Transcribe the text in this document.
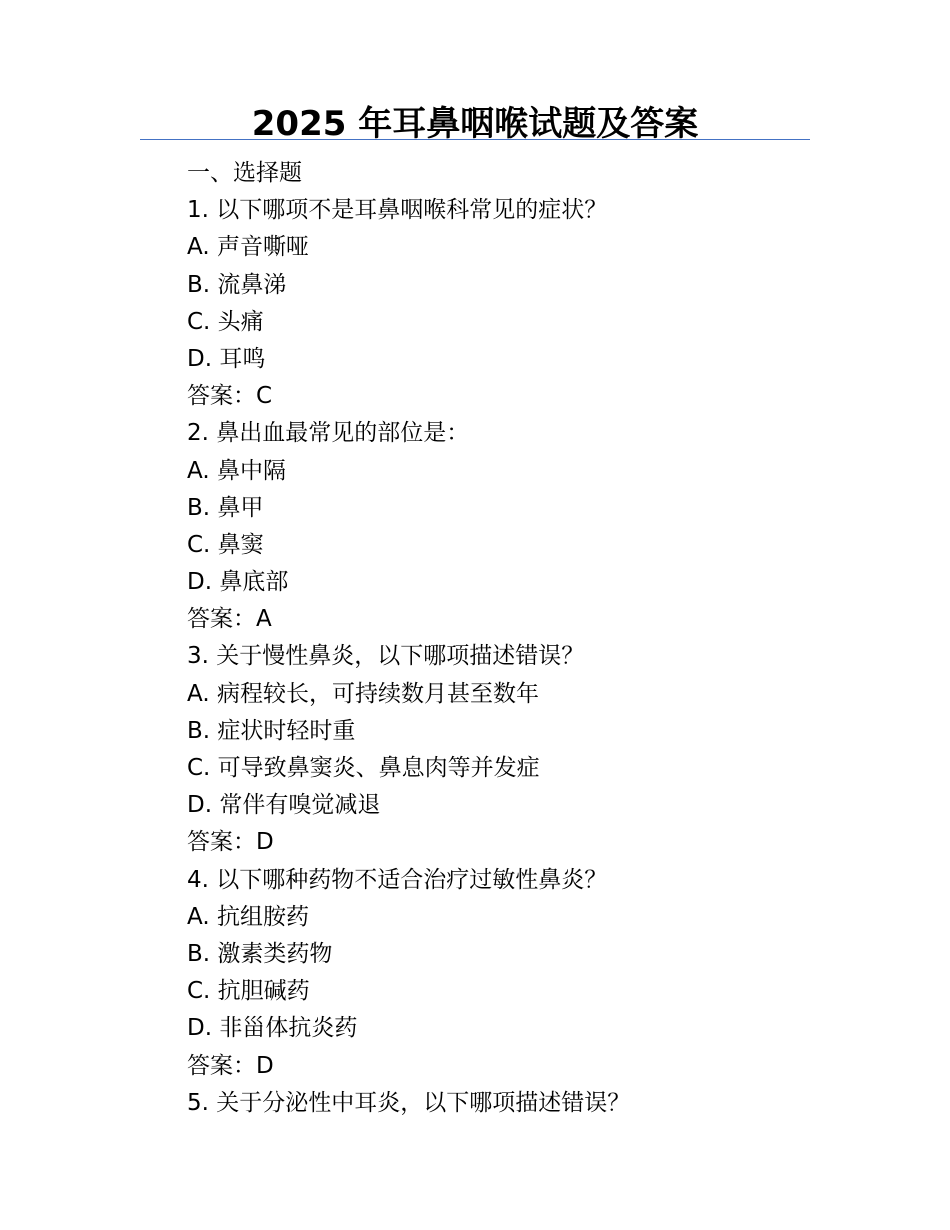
2025 年耳鼻咽喉试题及答案
一、选择题
1. 以下哪项不是耳鼻咽喉科常见的症状？
A. 声音嘶哑
B. 流鼻涕
C. 头痛
D. 耳鸣
答案：C
2. 鼻出血最常见的部位是：
A. 鼻中隔
B. 鼻甲
C. 鼻窦
D. 鼻底部
答案：A
3. 关于慢性鼻炎，以下哪项描述错误？
A. 病程较长，可持续数月甚至数年
B. 症状时轻时重
C. 可导致鼻窦炎、鼻息肉等并发症
D. 常伴有嗅觉减退
答案：D
4. 以下哪种药物不适合治疗过敏性鼻炎？
A. 抗组胺药
B. 激素类药物
C. 抗胆碱药
D. 非甾体抗炎药
答案：D
5. 关于分泌性中耳炎，以下哪项描述错误？
